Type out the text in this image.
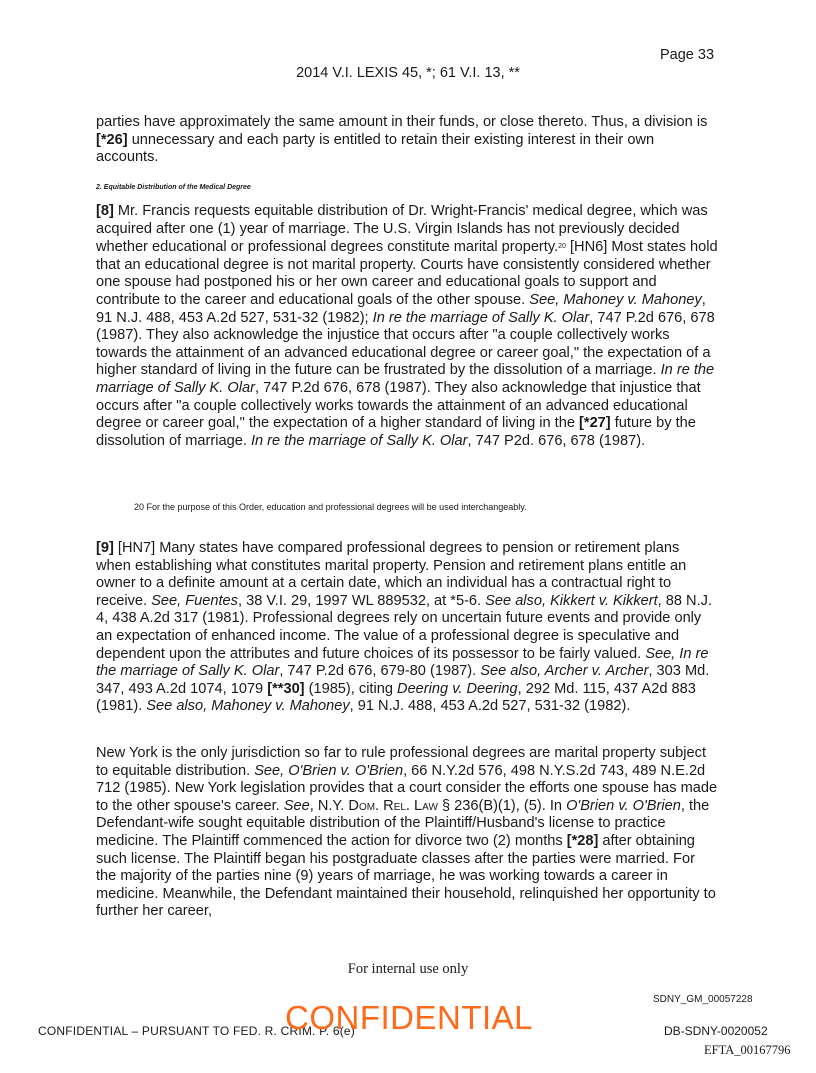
Page 33
2014 V.I. LEXIS 45, *; 61 V.I. 13, **

parties have approximately the same amount in their funds, or close thereto. Thus, a division is [*26] unnecessary and each party is entitled to retain their existing interest in their own accounts.

2. Equitable Distribution of the Medical Degree

[8] Mr. Francis requests equitable distribution of Dr. Wright-Francis' medical degree, which was acquired after one (1) year of marriage. The U.S. Virgin Islands has not previously decided whether educational or professional degrees constitute marital property.$^{20}$ [HN6] Most states hold that an educational degree is not marital property. Courts have consistently considered whether one spouse had postponed his or her own career and educational goals to support and contribute to the career and educational goals of the other spouse. See, Mahoney v. Mahoney, 91 N.J. 488, 453 A.2d 527, 531-32 (1982); In re the marriage of Sally K. Olar, 747 P.2d 676, 678 (1987). They also acknowledge the injustice that occurs after "a couple collectively works towards the attainment of an advanced educational degree or career goal," the expectation of a higher standard of living in the future can be frustrated by the dissolution of a marriage. In re the marriage of Sally K. Olar, 747 P.2d 676, 678 (1987). They also acknowledge that injustice that occurs after "a couple collectively works towards the attainment of an advanced educational degree or career goal," the expectation of a higher standard of living in the [*27] future by the dissolution of marriage. In re the marriage of Sally K. Olar, 747 P2d. 676, 678 (1987).

20 For the purpose of this Order, education and professional degrees will be used interchangeably.

[9] [HN7] Many states have compared professional degrees to pension or retirement plans when establishing what constitutes marital property. Pension and retirement plans entitle an owner to a definite amount at a certain date, which an individual has a contractual right to receive. See, Fuentes, 38 V.I. 29, 1997 WL 889532, at *5-6. See also, Kikkert v. Kikkert, 88 N.J. 4, 438 A.2d 317 (1981). Professional degrees rely on uncertain future events and provide only an expectation of enhanced income. The value of a professional degree is speculative and dependent upon the attributes and future choices of its possessor to be fairly valued. See, In re the marriage of Sally K. Olar, 747 P.2d 676, 679-80 (1987). See also, Archer v. Archer, 303 Md. 347, 493 A.2d 1074, 1079 [**30] (1985), citing Deering v. Deering, 292 Md. 115, 437 A2d 883 (1981). See also, Mahoney v. Mahoney, 91 N.J. 488, 453 A.2d 527, 531-32 (1982).

New York is the only jurisdiction so far to rule professional degrees are marital property subject to equitable distribution. See, O'Brien v. O'Brien, 66 N.Y.2d 576, 498 N.Y.S.2d 743, 489 N.E.2d 712 (1985). New York legislation provides that a court consider the efforts one spouse has made to the other spouse's career. See, N.Y. Dom. Rel. Law § 236(B)(1), (5). In O'Brien v. O'Brien, the Defendant-wife sought equitable distribution of the Plaintiff/Husband's license to practice medicine. The Plaintiff commenced the action for divorce two (2) months [*28] after obtaining such license. The Plaintiff began his postgraduate classes after the parties were married. For the majority of the parties nine (9) years of marriage, he was working towards a career in medicine. Meanwhile, the Defendant maintained their household, relinquished her opportunity to further her career,

For internal use only
SDNY_GM_00057228
CONFIDENTIAL – PURSUANT TO FED. R. CRIM. P. 6(e)
CONFIDENTIAL	DB-SDNY-0020052
EFTA_00167796
